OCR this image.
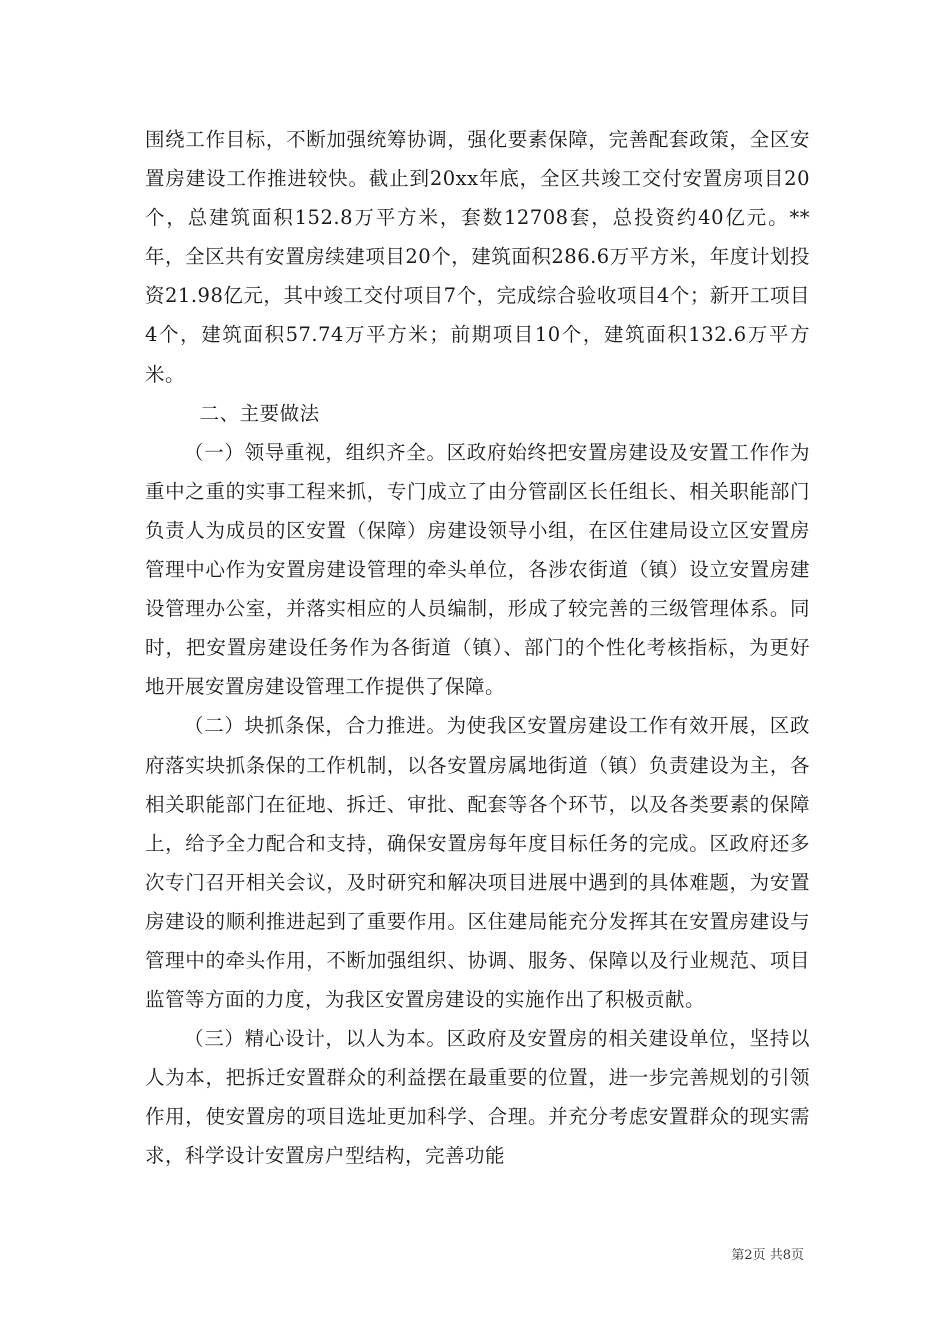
围绕工作目标，不断加强统筹协调，强化要素保障，完善配套政策，全区安置房建设工作推进较快。截止到20xx年底，全区共竣工交付安置房项目20个，总建筑面积152.8万平方米，套数12708套，总投资约40亿元。**年，全区共有安置房续建项目20个，建筑面积286.6万平方米，年度计划投资21.98亿元，其中竣工交付项目7个，完成综合验收项目4个；新开工项目4个，建筑面积57.74万平方米；前期项目10个，建筑面积132.6万平方米。

二、主要做法

（一）领导重视，组织齐全。区政府始终把安置房建设及安置工作作为重中之重的实事工程来抓，专门成立了由分管副区长任组长、相关职能部门负责人为成员的区安置（保障）房建设领导小组，在区住建局设立区安置房管理中心作为安置房建设管理的牵头单位，各涉农街道（镇）设立安置房建设管理办公室，并落实相应的人员编制，形成了较完善的三级管理体系。同时，把安置房建设任务作为各街道（镇）、部门的个性化考核指标，为更好地开展安置房建设管理工作提供了保障。

（二）块抓条保，合力推进。为使我区安置房建设工作有效开展，区政府落实块抓条保的工作机制，以各安置房属地街道（镇）负责建设为主，各相关职能部门在征地、拆迁、审批、配套等各个环节，以及各类要素的保障上，给予全力配合和支持，确保安置房每年度目标任务的完成。区政府还多次专门召开相关会议，及时研究和解决项目进展中遇到的具体难题，为安置房建设的顺利推进起到了重要作用。区住建局能充分发挥其在安置房建设与管理中的牵头作用，不断加强组织、协调、服务、保障以及行业规范、项目监管等方面的力度，为我区安置房建设的实施作出了积极贡献。

（三）精心设计，以人为本。区政府及安置房的相关建设单位，坚持以人为本，把拆迁安置群众的利益摆在最重要的位置，进一步完善规划的引领作用，使安置房的项目选址更加科学、合理。并充分考虑安置群众的现实需求，科学设计安置房户型结构，完善功能

第2页 共8页
